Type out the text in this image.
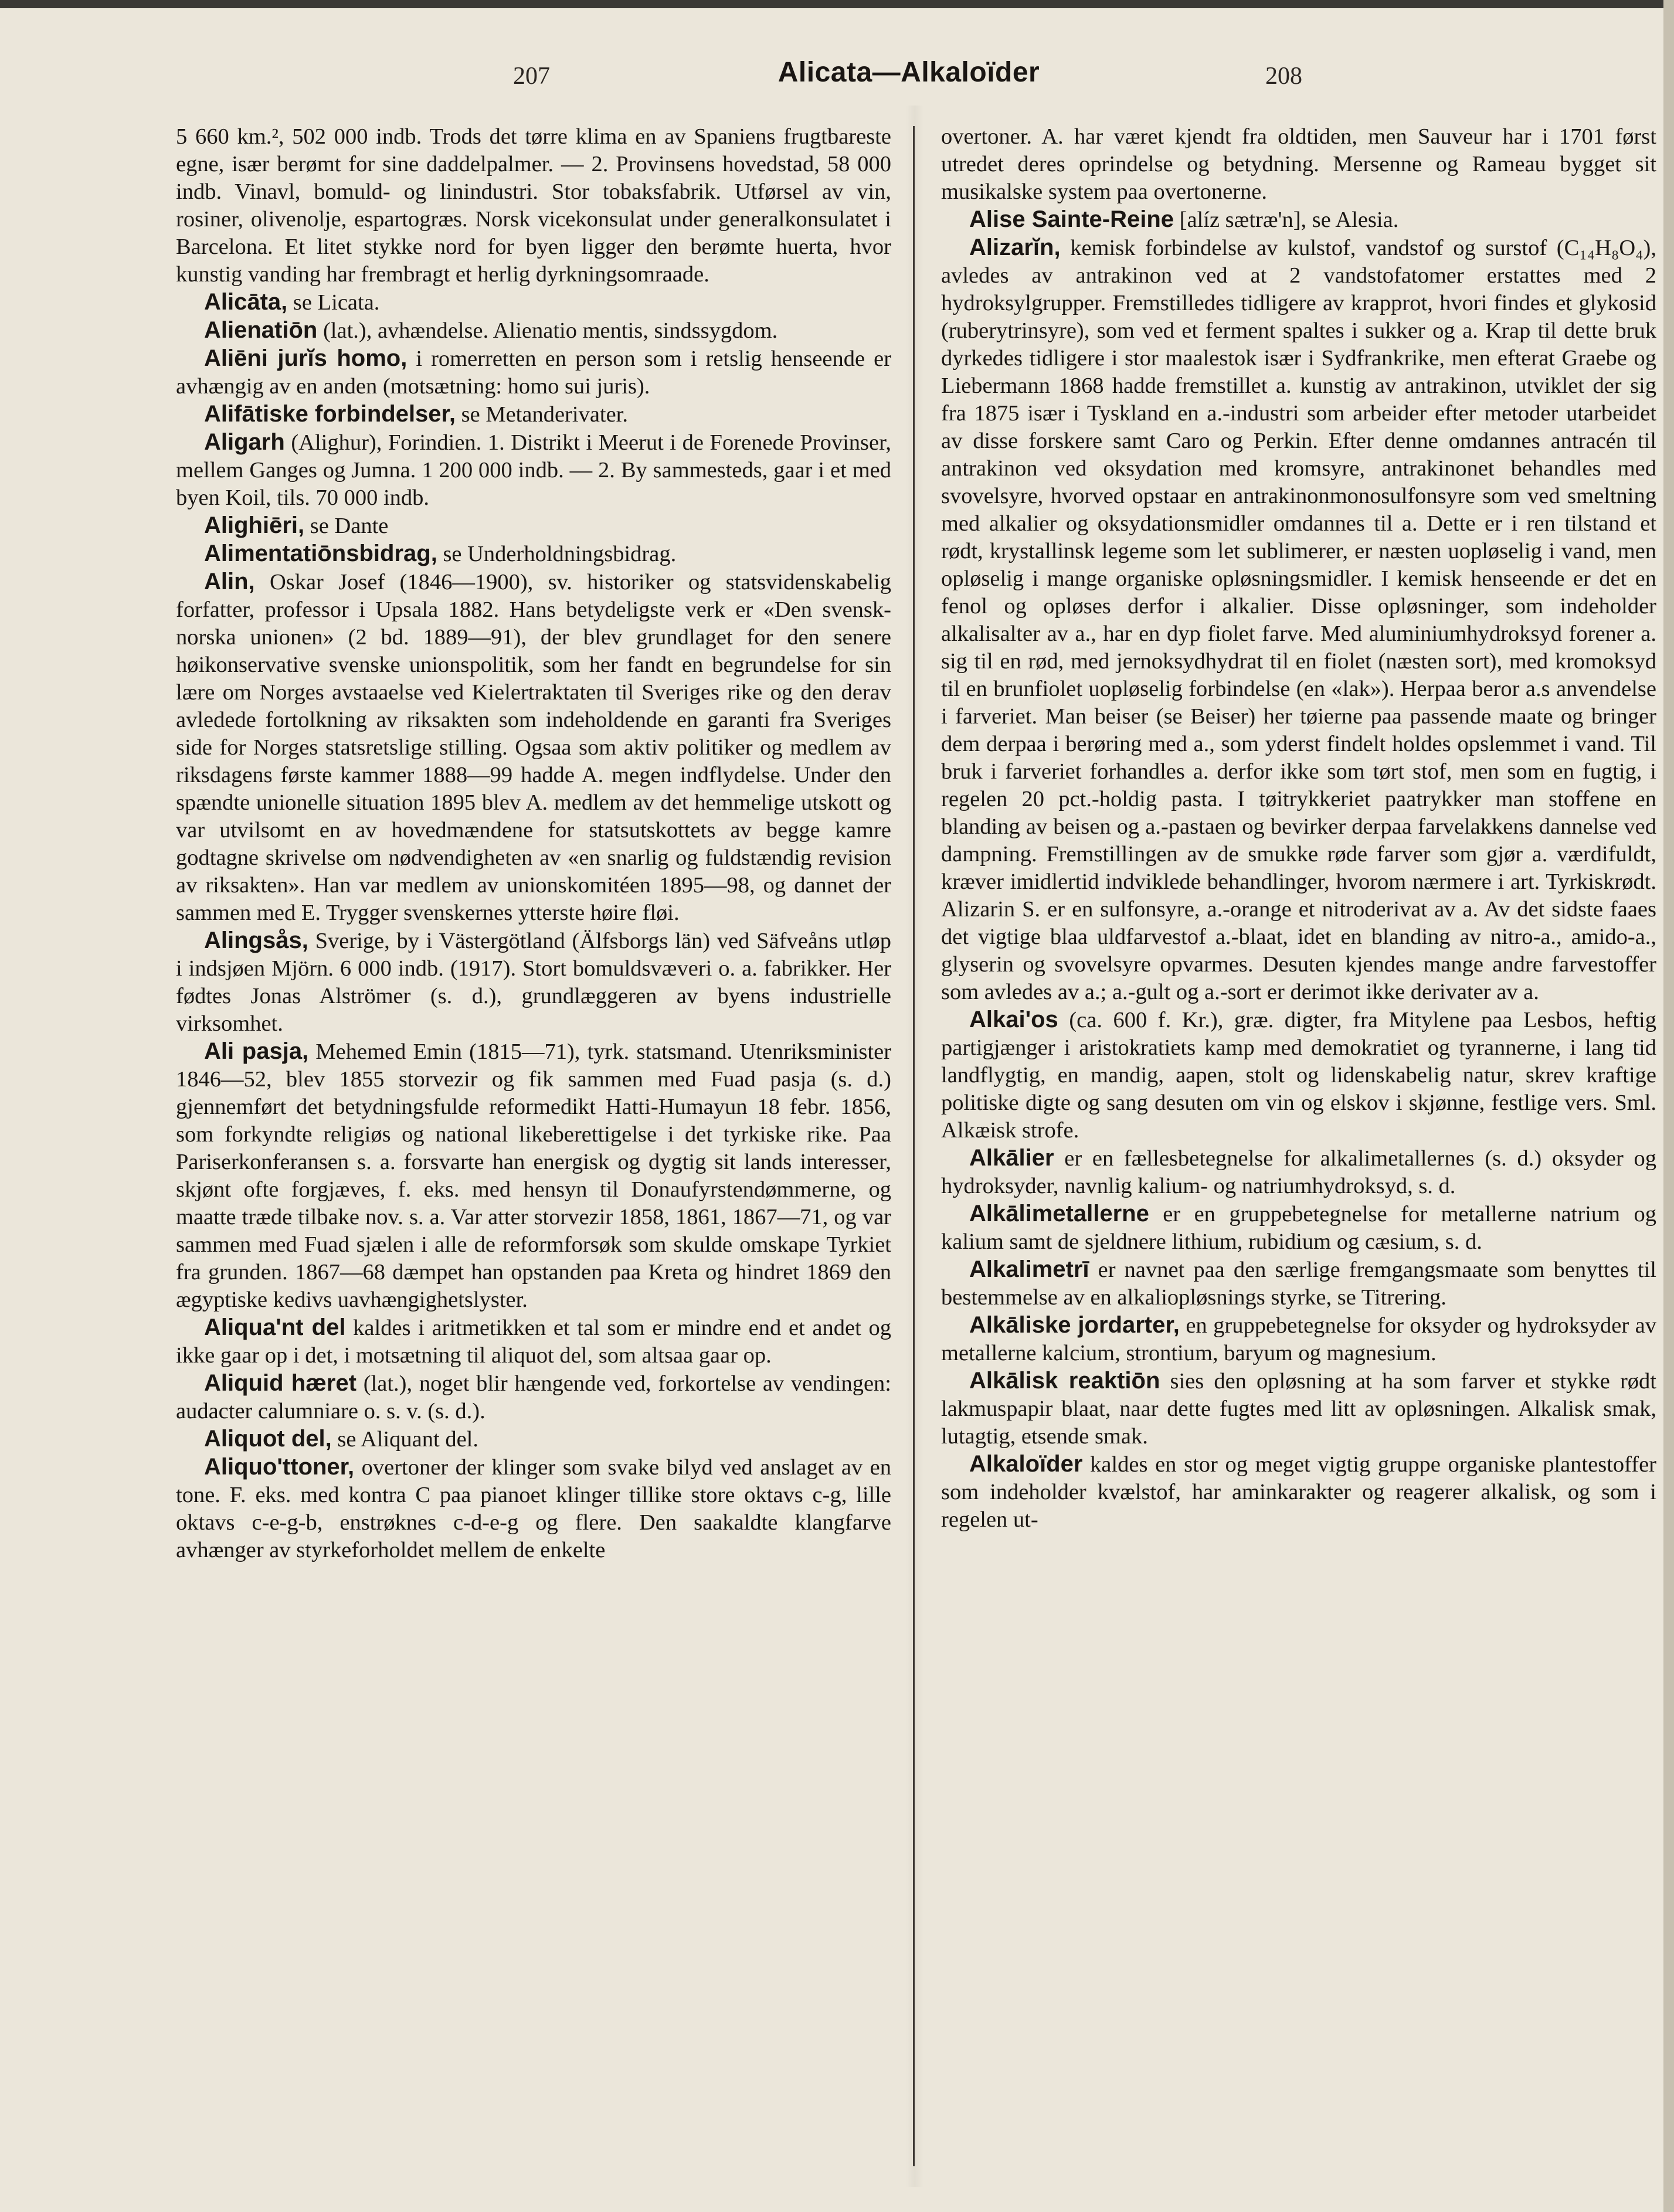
207	Alicata—Alkaloïder	208

5 660 km.², 502 000 indb. Trods det tørre klima en av Spaniens frugtbareste egne, især berømt for sine daddelpalmer. — 2. Provinsens hovedstad, 58 000 indb. Vinavl, bomuld- og linindustri. Stor tobaksfabrik. Utførsel av vin, rosiner, olivenolje, espartogræs. Norsk vicekonsulat under generalkonsulatet i Barcelona. Et litet stykke nord for byen ligger den berømte huerta, hvor kunstig vanding har frembragt et herlig dyrkningsomraade.

Alicāta, se Licata.

Alienatiōn (lat.), avhændelse. Alienatio mentis, sindssygdom.

Aliēni jurĭs homo, i romerretten en person som i retslig henseende er avhængig av en anden (motsætning: homo sui juris).

Alifātiske forbindelser, se Metanderivater.

Aligarh (Alighur), Forindien. 1. Distrikt i Meerut i de Forenede Provinser, mellem Ganges og Jumna. 1 200 000 indb. — 2. By sammesteds, gaar i et med byen Koil, tils. 70 000 indb.

Alighiēri, se Dante

Alimentatiōnsbidrag, se Underholdningsbidrag.

Alin, Oskar Josef (1846—1900), sv. historiker og statsvidenskabelig forfatter, professor i Upsala 1882. Hans betydeligste verk er «Den svensk-norska unionen» (2 bd. 1889—91), der blev grundlaget for den senere høikonservative svenske unionspolitik, som her fandt en begrundelse for sin lære om Norges avstaaelse ved Kielertraktaten til Sveriges rike og den derav avledede fortolkning av riksakten som indeholdende en garanti fra Sveriges side for Norges statsretslige stilling. Ogsaa som aktiv politiker og medlem av riksdagens første kammer 1888—99 hadde A. megen indflydelse. Under den spændte unionelle situation 1895 blev A. medlem av det hemmelige utskott og var utvilsomt en av hovedmændene for statsutskottets av begge kamre godtagne skrivelse om nødvendigheten av «en snarlig og fuldstændig revision av riksakten». Han var medlem av unionskomitéen 1895—98, og dannet der sammen med E. Trygger svenskernes ytterste høire fløi.

Alingsås, Sverige, by i Västergötland (Älfsborgs län) ved Säfveåns utløp i indsjøen Mjörn. 6 000 indb. (1917). Stort bomuldsvæveri o. a. fabrikker. Her fødtes Jonas Alströmer (s. d.), grundlæggeren av byens industrielle virksomhet.

Ali pasja, Mehemed Emin (1815—71), tyrk. statsmand. Utenriksminister 1846—52, blev 1855 storvezir og fik sammen med Fuad pasja (s. d.) gjennemført det betydningsfulde reformedikt Hatti-Humayun 18 febr. 1856, som forkyndte religiøs og national likeberettigelse i det tyrkiske rike. Paa Pariserkonferansen s. a. forsvarte han energisk og dygtig sit lands interesser, skjønt ofte forgjæves, f. eks. med hensyn til Donaufyrstendømmerne, og maatte træde tilbake nov. s. a. Var atter storvezir 1858, 1861, 1867—71, og var sammen med Fuad sjælen i alle de reformforsøk som skulde omskape Tyrkiet fra grunden. 1867—68 dæmpet han opstanden paa Kreta og hindret 1869 den ægyptiske kedivs uavhængighetslyster.

Aliqua'nt del kaldes i aritmetikken et tal som er mindre end et andet og ikke gaar op i det, i motsætning til aliquot del, som altsaa gaar op.

Aliquid hæret (lat.), noget blir hængende ved, forkortelse av vendingen: audacter calumniare o. s. v. (s. d.).

Aliquot del, se Aliquant del.

Aliquo'ttoner, overtoner der klinger som svake bilyd ved anslaget av en tone. F. eks. med kontra C paa pianoet klinger tillike store oktavs c-g, lille oktavs c-e-g-b, enstrøknes c-d-e-g og flere. Den saakaldte klangfarve avhænger av styrkeforholdet mellem de enkelte

overtoner. A. har været kjendt fra oldtiden, men Sauveur har i 1701 først utredet deres oprindelse og betydning. Mersenne og Rameau bygget sit musikalske system paa overtonerne.

Alise Sainte-Reine [alíz sætræ'n], se Alesia.

Alizarĭn, kemisk forbindelse av kulstof, vandstof og surstof (C₁₄H₈O₄), avledes av antrakinon ved at 2 vandstofatomer erstattes med 2 hydroksylgrupper. Fremstilledes tidligere av krapprot, hvori findes et glykosid (ruberytrinsyre), som ved et ferment spaltes i sukker og a. Krap til dette bruk dyrkedes tidligere i stor maalestok især i Sydfrankrike, men efterat Graebe og Liebermann 1868 hadde fremstillet a. kunstig av antrakinon, utviklet der sig fra 1875 især i Tyskland en a.-industri som arbeider efter metoder utarbeidet av disse forskere samt Caro og Perkin. Efter denne omdannes antracén til antrakinon ved oksydation med kromsyre, antrakinonet behandles med svovelsyre, hvorved opstaar en antrakinonmonosulfonsyre som ved smeltning med alkalier og oksydationsmidler omdannes til a. Dette er i ren tilstand et rødt, krystallinsk legeme som let sublimerer, er næsten uopløselig i vand, men opløselig i mange organiske opløsningsmidler. I kemisk henseende er det en fenol og opløses derfor i alkalier. Disse opløsninger, som indeholder alkalisalter av a., har en dyp fiolet farve. Med aluminiumhydroksyd forener a. sig til en rød, med jernoksydhydrat til en fiolet (næsten sort), med kromoksyd til en brunfiolet uopløselig forbindelse (en «lak»). Herpaa beror a.s anvendelse i farveriet. Man beiser (se Beiser) her tøierne paa passende maate og bringer dem derpaa i berøring med a., som yderst findelt holdes opslemmet i vand. Til bruk i farveriet forhandles a. derfor ikke som tørt stof, men som en fugtig, i regelen 20 pct.-holdig pasta. I tøitrykkeriet paatrykker man stoffene en blanding av beisen og a.-pastaen og bevirker derpaa farvelakkens dannelse ved dampning. Fremstillingen av de smukke røde farver som gjør a. værdifuldt, kræver imidlertid indviklede behandlinger, hvorom nærmere i art. Tyrkiskrødt. Alizarin S. er en sulfonsyre, a.-orange et nitroderivat av a. Av det sidste faaes det vigtige blaa uldfarvestof a.-blaat, idet en blanding av nitro-a., amido-a., glyserin og svovelsyre opvarmes. Desuten kjendes mange andre farvestoffer som avledes av a.; a.-gult og a.-sort er derimot ikke derivater av a.

Alkai'os (ca. 600 f. Kr.), græ. digter, fra Mitylene paa Lesbos, heftig partigjænger i aristokratiets kamp med demokratiet og tyrannerne, i lang tid landflygtig, en mandig, aapen, stolt og lidenskabelig natur, skrev kraftige politiske digte og sang desuten om vin og elskov i skjønne, festlige vers. Sml. Alkæisk strofe.

Alkālier er en fællesbetegnelse for alkalimetallernes (s. d.) oksyder og hydroksyder, navnlig kalium- og natriumhydroksyd, s. d.

Alkālimetallerne er en gruppebetegnelse for metallerne natrium og kalium samt de sjeldnere lithium, rubidium og cæsium, s. d.

Alkalimetrī er navnet paa den særlige fremgangsmaate som benyttes til bestemmelse av en alkaliopløsnings styrke, se Titrering.

Alkāliske jordarter, en gruppebetegnelse for oksyder og hydroksyder av metallerne kalcium, strontium, baryum og magnesium.

Alkālisk reaktiōn sies den opløsning at ha som farver et stykke rødt lakmuspapir blaat, naar dette fugtes med litt av opløsningen. Alkalisk smak, lutagtig, etsende smak.

Alkaloïder kaldes en stor og meget vigtig gruppe organiske plantestoffer som indeholder kvælstof, har aminkarakter og reagerer alkalisk, og som i regelen ut-
